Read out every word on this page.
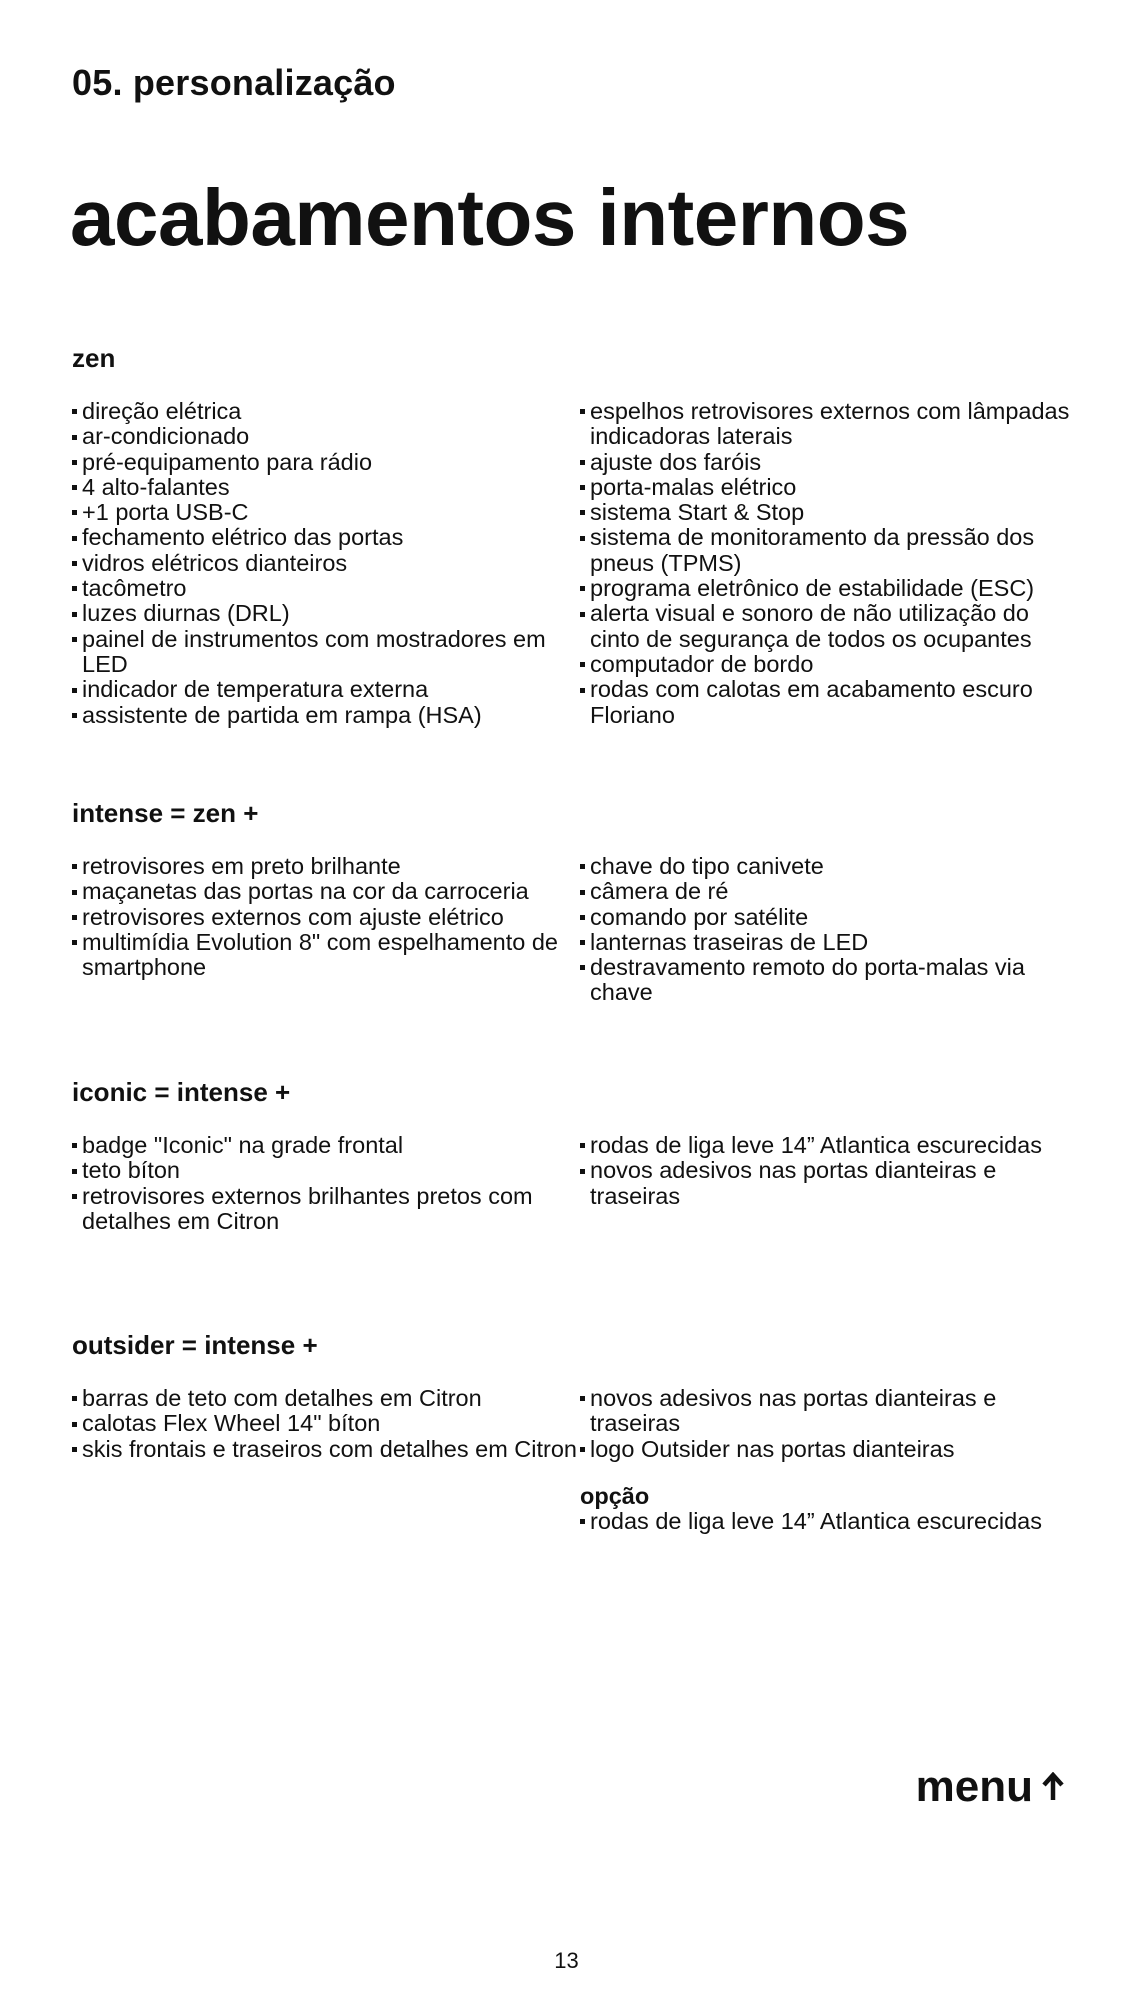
05. personalização
acabamentos internos
zen
direção elétrica
ar-condicionado
pré-equipamento para rádio
4 alto-falantes
+1 porta USB-C
fechamento elétrico das portas
vidros elétricos dianteiros
tacômetro
luzes diurnas (DRL)
painel de instrumentos com mostradores em LED
indicador de temperatura externa
assistente de partida em rampa (HSA)
espelhos retrovisores externos com lâmpadas indicadoras laterais
ajuste dos faróis
porta-malas elétrico
sistema Start & Stop
sistema de monitoramento da pressão dos pneus (TPMS)
programa eletrônico de estabilidade (ESC)
alerta visual e sonoro de não utilização do cinto de segurança de todos os ocupantes
computador de bordo
rodas com calotas em acabamento escuro Floriano
intense = zen +
retrovisores em preto brilhante
maçanetas das portas na cor da carroceria
retrovisores externos com ajuste elétrico
multimídia Evolution 8" com espelhamento de smartphone
chave do tipo canivete
câmera de ré
comando por satélite
lanternas traseiras de LED
destravamento remoto do porta-malas via chave
iconic = intense +
badge "Iconic" na grade frontal
teto bíton
retrovisores externos brilhantes pretos com detalhes em Citron
rodas de liga leve 14” Atlantica escurecidas
novos adesivos nas portas dianteiras e traseiras
outsider = intense +
barras de teto com detalhes em Citron
calotas Flex Wheel 14" bíton
skis frontais e traseiros com detalhes em Citron
novos adesivos nas portas dianteiras e traseiras
logo Outsider nas portas dianteiras
opção
rodas de liga leve 14” Atlantica escurecidas
menu
13
